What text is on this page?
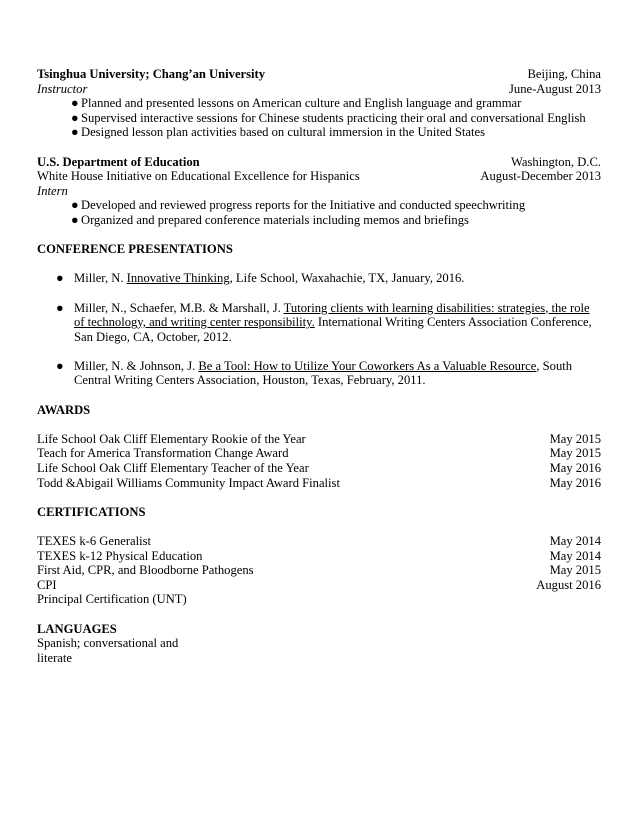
Tsinghua University; Chang’an University	Beijing, China
Instructor	June-August 2013
● Planned and presented lessons on American culture and English language and grammar
● Supervised interactive sessions for Chinese students practicing their oral and conversational English
● Designed lesson plan activities based on cultural immersion in the United States
U.S. Department of Education	Washington, D.C.
White House Initiative on Educational Excellence for Hispanics	August-December 2013
Intern
● Developed and reviewed progress reports for the Initiative and conducted speechwriting
● Organized and prepared conference materials including memos and briefings
CONFERENCE PRESENTATIONS
● Miller, N. Innovative Thinking, Life School, Waxahachie, TX, January, 2016.
● Miller, N., Schaefer, M.B. & Marshall, J. Tutoring clients with learning disabilities: strategies, the role of technology, and writing center responsibility. International Writing Centers Association Conference, San Diego, CA, October, 2012.
● Miller, N. & Johnson, J. Be a Tool: How to Utilize Your Coworkers As a Valuable Resource, South Central Writing Centers Association, Houston, Texas, February, 2011.
AWARDS
Life School Oak Cliff Elementary Rookie of the Year	May 2015
Teach for America Transformation Change Award	May 2015
Life School Oak Cliff Elementary Teacher of the Year	May 2016
Todd &Abigail Williams Community Impact Award Finalist	May 2016
CERTIFICATIONS
TEXES k-6 Generalist	May 2014
TEXES k-12 Physical Education	May 2014
First Aid, CPR, and Bloodborne Pathogens	May 2015
CPI	August 2016
Principal Certification (UNT)
LANGUAGES
Spanish; conversational and
literate
